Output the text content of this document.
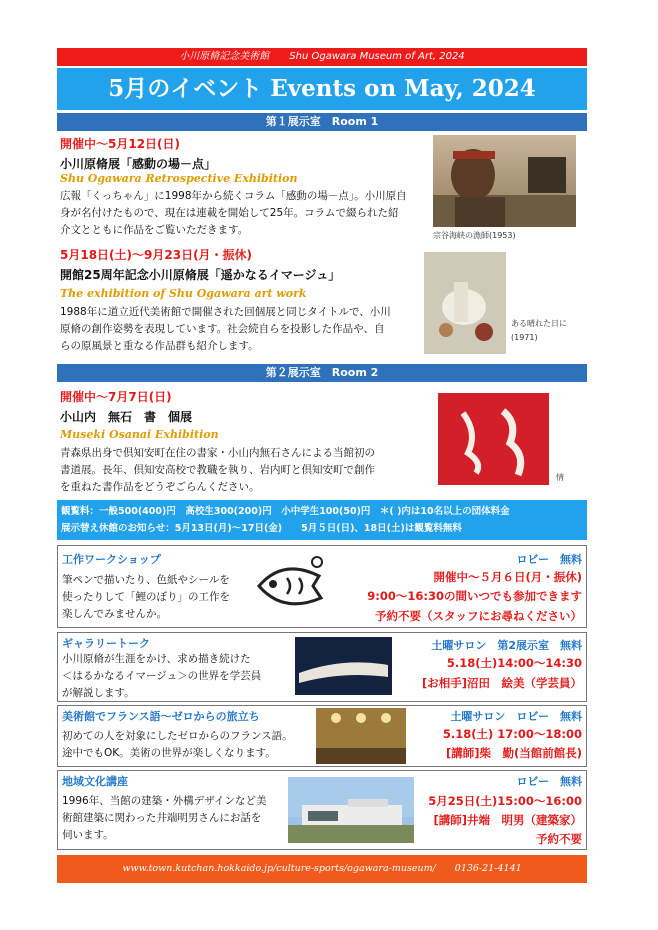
小川原脩記念美術館　　Shu Ogawara Museum of Art, 2024
5月のイベント Events on May, 2024
第１展示室　Room 1
開催中〜5月12日(日)
小川原脩展「感動の場－点」
Shu Ogawara Retrospective Exhibition
広報「くっちゃん」に1998年から続くコラム「感動の場－点」。小川原自
身が名付けたもので、現在は連載を開始して25年。コラムで綴られた紹
介文とともに作品をご覧いただきます。	宗谷海峡の漁師(1953)
5月18日(土)〜9月23日(月・振休)
開館25周年記念小川原脩展「遥かなるイマージュ」
The exhibition of Shu Ogawara art work
1988年に道立近代美術館で開催された回個展と同じタイトルで、小川
原脩の創作姿勢を表現しています。社会続自らを投影した作品や、自
らの原風景と重なる作品群も紹介します。
ある晴れた日に
(1971)
第２展示室　Room 2
開催中〜7月7日(日)
小山内　無石　書　個展
Museki Osanai Exhibition
青森県出身で倶知安町在住の書家・小山内無石さんによる当館初の
書道展。長年、倶知安高校で教職を執り、岩内町と倶知安町で創作
を重ねた書作品をどうぞごらんください。
情
観覧料：一般500(400)円　高校生300(200)円　小中学生100(50)円　＊( )内は10名以上の団体料金
展示替え休館のお知らせ：5月13日(月)〜17日(金)　　5月５日(日)、18日(土)は観覧料無料
工作ワークショップ
筆ペンで描いたり、色紙やシールを
使ったりして「鯉のぼり」の工作を
楽しんでみませんか。
ロビー　無料
開催中〜５月６日(月・振休)
9:00〜16:30の間いつでも参加できます
予約不要（スタッフにお尋ねください）
ギャラリートーク
小川原脩が生涯をかけ、求め描き続けた
＜はるかなるイマージュ＞の世界を学芸員
が解説します。
土曜サロン　第2展示室　無料
5.18(土)14:00〜14:30
[お相手]沼田　絵美（学芸員）
美術館でフランス語〜ゼロからの旅立ち
初めての人を対象にしたゼロからのフランス語。
途中でもOK。美術の世界が楽しくなります。
土曜サロン　ロビー　無料
5.18(土) 17:00〜18:00
[講師]柴　勤(当館前館長)
地域文化講座
1996年、当館の建築・外構デザインなど美
術館建築に関わった井端明男さんにお話を
伺います。
ロビー　無料
5月25日(土)15:00〜16:00
[講師]井端　明男（建築家）
予約不要
www.town.kutchan.hokkaido.jp/culture-sports/ogawara-museum/　　0136-21-4141
